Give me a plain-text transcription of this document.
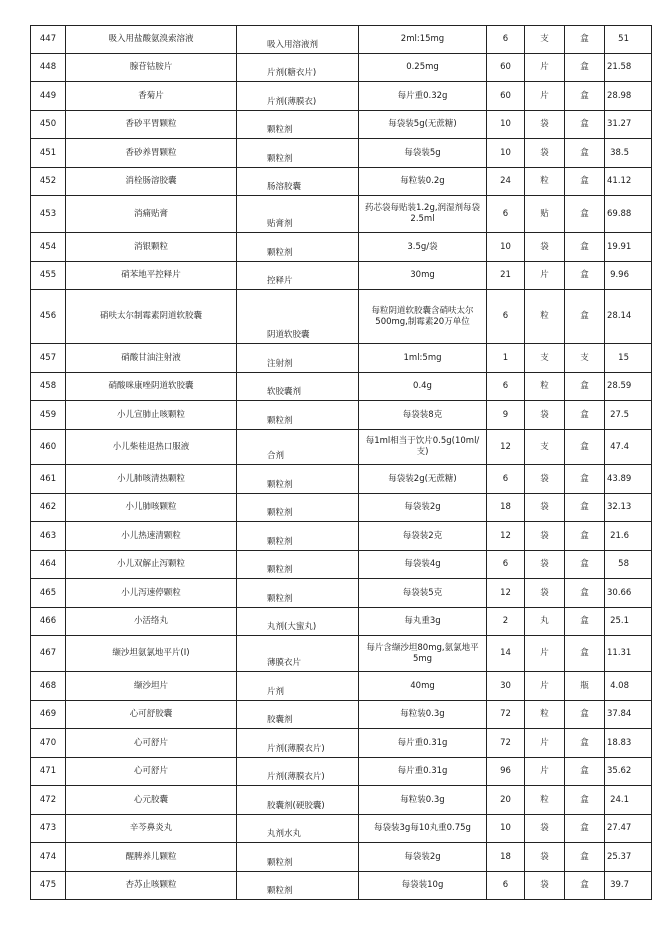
447	吸入用盐酸氨溴索溶液	吸入用溶液剂	2ml:15mg	6	支	盒	51
448	腺苷钴胺片	片剂(糖衣片)	0.25mg	60	片	盒	21.58
449	香菊片	片剂(薄膜衣)	每片重0.32g	60	片	盒	28.98
450	香砂平胃颗粒	颗粒剂	每袋装5g(无蔗糖)	10	袋	盒	31.27
451	香砂养胃颗粒	颗粒剂	每袋装5g	10	袋	盒	38.5
452	消栓肠溶胶囊	肠溶胶囊	每粒装0.2g	24	粒	盒	41.12
453	消痛贴膏	贴膏剂	药芯袋每贴装1.2g,润湿剂每袋2.5ml	6	贴	盒	69.88
454	消银颗粒	颗粒剂	3.5g/袋	10	袋	盒	19.91
455	硝苯地平控释片	控释片	30mg	21	片	盒	9.96
456	硝呋太尔制霉素阴道软胶囊	阴道软胶囊	每粒阴道软胶囊含硝呋太尔500mg,制霉素20万单位	6	粒	盒	28.14
457	硝酸甘油注射液	注射剂	1ml:5mg	1	支	支	15
458	硝酸咪康唑阴道软胶囊	软胶囊剂	0.4g	6	粒	盒	28.59
459	小儿宣肺止咳颗粒	颗粒剂	每袋装8克	9	袋	盒	27.5
460	小儿柴桂退热口服液	合剂	每1ml相当于饮片0.5g(10ml/支)	12	支	盒	47.4
461	小儿肺咳清热颗粒	颗粒剂	每袋装2g(无蔗糖)	6	袋	盒	43.89
462	小儿肺咳颗粒	颗粒剂	每袋装2g	18	袋	盒	32.13
463	小儿热速清颗粒	颗粒剂	每袋装2克	12	袋	盒	21.6
464	小儿双解止泻颗粒	颗粒剂	每袋装4g	6	袋	盒	58
465	小儿泻速停颗粒	颗粒剂	每袋装5克	12	袋	盒	30.66
466	小活络丸	丸剂(大蜜丸)	每丸重3g	2	丸	盒	25.1
467	缬沙坦氨氯地平片(I)	薄膜衣片	每片含缬沙坦80mg,氨氯地平5mg	14	片	盒	11.31
468	缬沙坦片	片剂	40mg	30	片	瓶	4.08
469	心可舒胶囊	胶囊剂	每粒装0.3g	72	粒	盒	37.84
470	心可舒片	片剂(薄膜衣片)	每片重0.31g	72	片	盒	18.83
471	心可舒片	片剂(薄膜衣片)	每片重0.31g	96	片	盒	35.62
472	心元胶囊	胶囊剂(硬胶囊)	每粒装0.3g	20	粒	盒	24.1
473	辛芩鼻炎丸	丸剂水丸	每袋装3g每10丸重0.75g	10	袋	盒	27.47
474	醒脾养儿颗粒	颗粒剂	每袋装2g	18	袋	盒	25.37
475	杏苏止咳颗粒	颗粒剂	每袋装10g	6	袋	盒	39.7
